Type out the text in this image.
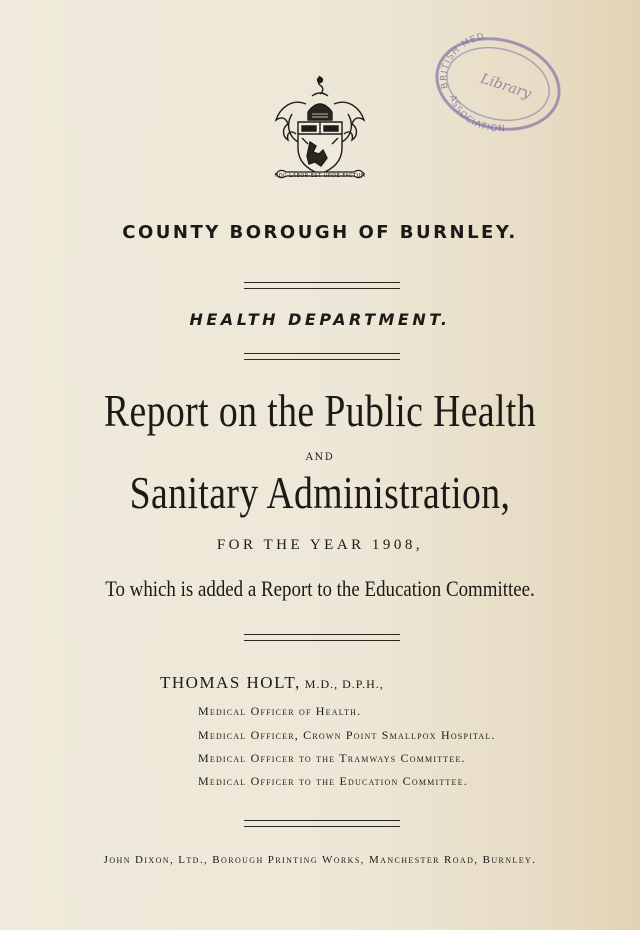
BRITISH MED
Library
ASSOCIATION
HOC LABOR EST UNDE FACTUM
COUNTY BOROUGH OF BURNLEY.
HEALTH DEPARTMENT.
Report on the Public Health
AND
Sanitary Administration,
FOR THE YEAR 1908,
To which is added a Report to the Education Committee.
THOMAS HOLT, M.D., D.P.H.,
Medical Officer of Health.
Medical Officer, Crown Point Smallpox Hospital.
Medical Officer to the Tramways Committee.
Medical Officer to the Education Committee.
John Dixon, Ltd., Borough Printing Works, Manchester Road, Burnley.
